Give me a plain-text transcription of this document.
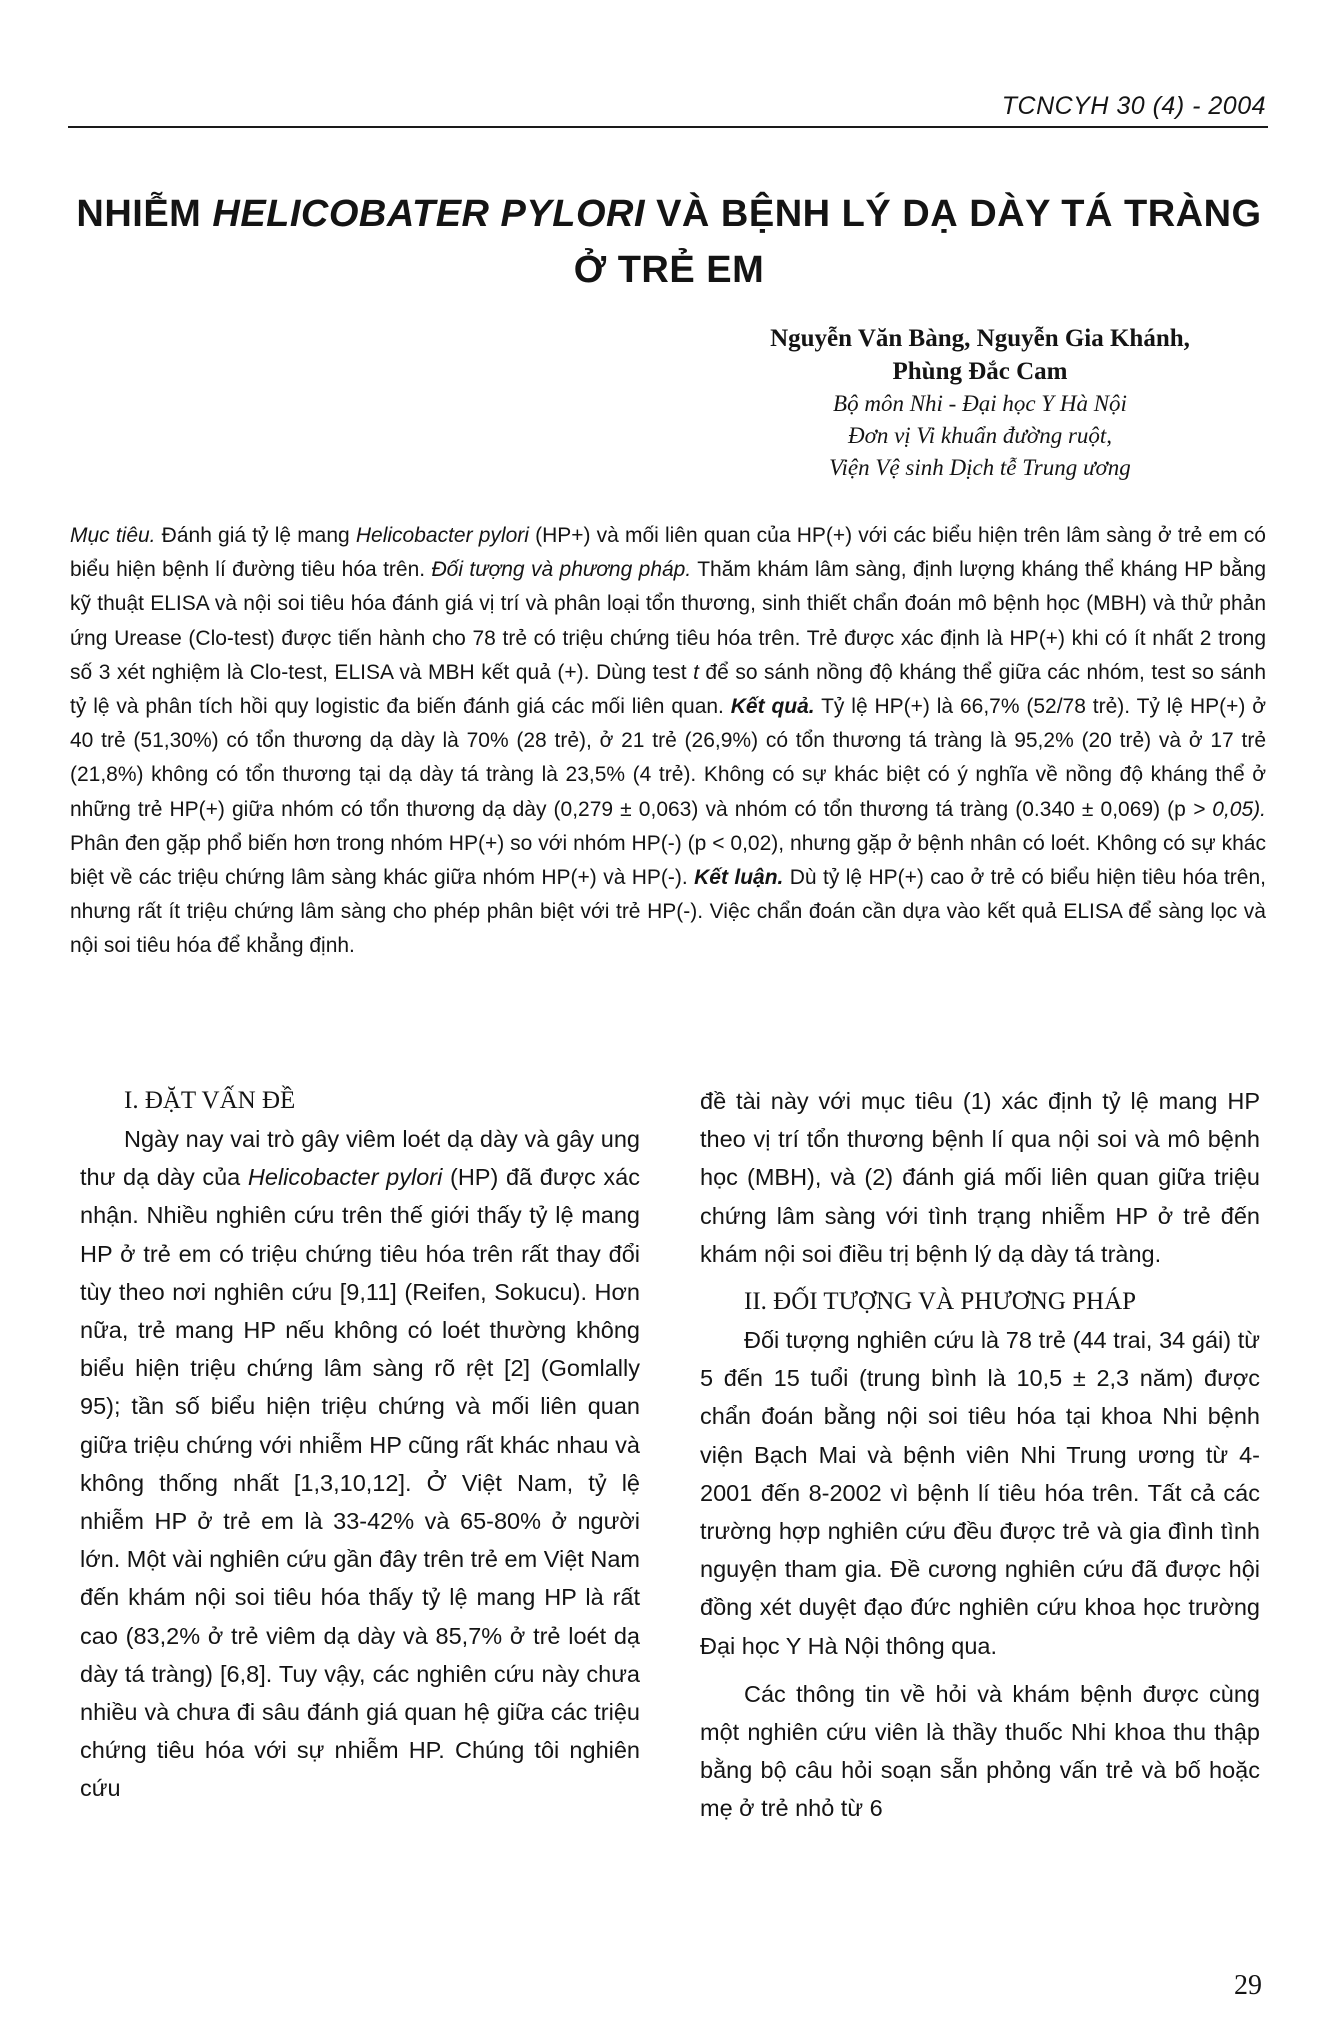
TCNCYH 30 (4) - 2004
NHIỄM HELICOBATER PYLORI VÀ BỆNH LÝ DẠ DÀY TÁ TRÀNG
Ở TRẺ EM
Nguyễn Văn Bàng, Nguyễn Gia Khánh,
Phùng Đắc Cam
Bộ môn Nhi - Đại học Y Hà Nội
Đơn vị Vi khuẩn đường ruột,
Viện Vệ sinh Dịch tễ Trung ương
Mục tiêu. Đánh giá tỷ lệ mang Helicobacter pylori (HP+) và mối liên quan của HP(+) với các biểu hiện trên lâm sàng ở trẻ em có biểu hiện bệnh lí đường tiêu hóa trên. Đối tượng và phương pháp. Thăm khám lâm sàng, định lượng kháng thể kháng HP bằng kỹ thuật ELISA và nội soi tiêu hóa đánh giá vị trí và phân loại tổn thương, sinh thiết chẩn đoán mô bệnh học (MBH) và thử phản ứng Urease (Clo-test) được tiến hành cho 78 trẻ có triệu chứng tiêu hóa trên. Trẻ được xác định là HP(+) khi có ít nhất 2 trong số 3 xét nghiệm là Clo-test, ELISA và MBH kết quả (+). Dùng test t để so sánh nồng độ kháng thể giữa các nhóm, test so sánh tỷ lệ và phân tích hồi quy logistic đa biến đánh giá các mối liên quan. Kết quả. Tỷ lệ HP(+) là 66,7% (52/78 trẻ). Tỷ lệ HP(+) ở 40 trẻ (51,30%) có tổn thương dạ dày là 70% (28 trẻ), ở 21 trẻ (26,9%) có tổn thương tá tràng là 95,2% (20 trẻ) và ở 17 trẻ (21,8%) không có tổn thương tại dạ dày tá tràng là 23,5% (4 trẻ). Không có sự khác biệt có ý nghĩa về nồng độ kháng thể ở những trẻ HP(+) giữa nhóm có tổn thương dạ dày (0,279 ± 0,063) và nhóm có tổn thương tá tràng (0.340 ± 0,069) (p > 0,05). Phân đen gặp phổ biến hơn trong nhóm HP(+) so với nhóm HP(-) (p < 0,02), nhưng gặp ở bệnh nhân có loét. Không có sự khác biệt về các triệu chứng lâm sàng khác giữa nhóm HP(+) và HP(-). Kết luận. Dù tỷ lệ HP(+) cao ở trẻ có biểu hiện tiêu hóa trên, nhưng rất ít triệu chứng lâm sàng cho phép phân biệt với trẻ HP(-). Việc chẩn đoán cần dựa vào kết quả ELISA để sàng lọc và nội soi tiêu hóa để khẳng định.
I. ĐẶT VẤN ĐỀ

Ngày nay vai trò gây viêm loét dạ dày và gây ung thư dạ dày của Helicobacter pylori (HP) đã được xác nhận. Nhiều nghiên cứu trên thế giới thấy tỷ lệ mang HP ở trẻ em có triệu chứng tiêu hóa trên rất thay đổi tùy theo nơi nghiên cứu [9,11] (Reifen, Sokucu). Hơn nữa, trẻ mang HP nếu không có loét thường không biểu hiện triệu chứng lâm sàng rõ rệt [2] (Gomlally 95); tần số biểu hiện triệu chứng và mối liên quan giữa triệu chứng với nhiễm HP cũng rất khác nhau và không thống nhất [1,3,10,12]. Ở Việt Nam, tỷ lệ nhiễm HP ở trẻ em là 33-42% và 65-80% ở người lớn. Một vài nghiên cứu gần đây trên trẻ em Việt Nam đến khám nội soi tiêu hóa thấy tỷ lệ mang HP là rất cao (83,2% ở trẻ viêm dạ dày và 85,7% ở trẻ loét dạ dày tá tràng) [6,8]. Tuy vậy, các nghiên cứu này chưa nhiều và chưa đi sâu đánh giá quan hệ giữa các triệu chứng tiêu hóa với sự nhiễm HP. Chúng tôi nghiên cứu

đề tài này với mục tiêu (1) xác định tỷ lệ mang HP theo vị trí tổn thương bệnh lí qua nội soi và mô bệnh học (MBH), và (2) đánh giá mối liên quan giữa triệu chứng lâm sàng với tình trạng nhiễm HP ở trẻ đến khám nội soi điều trị bệnh lý dạ dày tá tràng.

II. ĐỐI TƯỢNG VÀ PHƯƠNG PHÁP

Đối tượng nghiên cứu là 78 trẻ (44 trai, 34 gái) từ 5 đến 15 tuổi (trung bình là 10,5 ± 2,3 năm) được chẩn đoán bằng nội soi tiêu hóa tại khoa Nhi bệnh viện Bạch Mai và bệnh viên Nhi Trung ương từ 4-2001 đến 8-2002 vì bệnh lí tiêu hóa trên. Tất cả các trường hợp nghiên cứu đều được trẻ và gia đình tình nguyện tham gia. Đề cương nghiên cứu đã được hội đồng xét duyệt đạo đức nghiên cứu khoa học trường Đại học Y Hà Nội thông qua.

Các thông tin về hỏi và khám bệnh được cùng một nghiên cứu viên là thầy thuốc Nhi khoa thu thập bằng bộ câu hỏi soạn sẵn phỏng vấn trẻ và bố hoặc mẹ ở trẻ nhỏ từ 6

29
